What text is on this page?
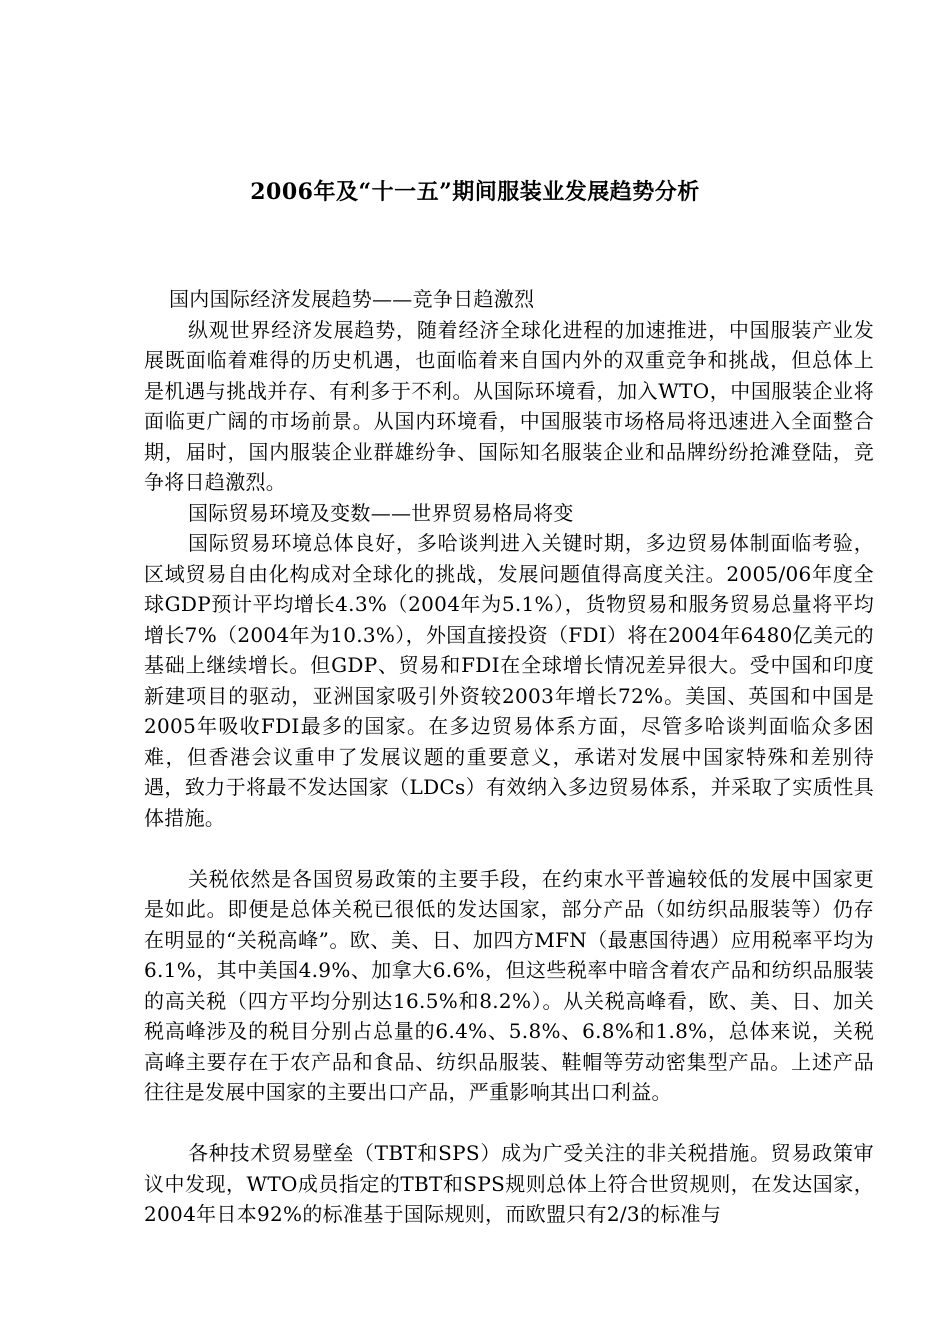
2006年及“十一五”期间服装业发展趋势分析

国内国际经济发展趋势——竞争日趋激烈

纵观世界经济发展趋势，随着经济全球化进程的加速推进，中国服装产业发展既面临着难得的历史机遇，也面临着来自国内外的双重竞争和挑战，但总体上是机遇与挑战并存、有利多于不利。从国际环境看，加入WTO，中国服装企业将面临更广阔的市场前景。从国内环境看，中国服装市场格局将迅速进入全面整合期，届时，国内服装企业群雄纷争、国际知名服装企业和品牌纷纷抢滩登陆，竞争将日趋激烈。

国际贸易环境及变数——世界贸易格局将变

国际贸易环境总体良好，多哈谈判进入关键时期，多边贸易体制面临考验，区域贸易自由化构成对全球化的挑战，发展问题值得高度关注。2005/06年度全球GDP预计平均增长4.3%（2004年为5.1%），货物贸易和服务贸易总量将平均增长7%（2004年为10.3%），外国直接投资（FDI）将在2004年6480亿美元的基础上继续增长。但GDP、贸易和FDI在全球增长情况差异很大。受中国和印度新建项目的驱动，亚洲国家吸引外资较2003年增长72%。美国、英国和中国是2005年吸收FDI最多的国家。在多边贸易体系方面，尽管多哈谈判面临众多困难，但香港会议重申了发展议题的重要意义，承诺对发展中国家特殊和差别待遇，致力于将最不发达国家（LDCs）有效纳入多边贸易体系，并采取了实质性具体措施。

关税依然是各国贸易政策的主要手段，在约束水平普遍较低的发展中国家更是如此。即便是总体关税已很低的发达国家，部分产品（如纺织品服装等）仍存在明显的“关税高峰”。欧、美、日、加四方MFN（最惠国待遇）应用税率平均为6.1%，其中美国4.9%、加拿大6.6%，但这些税率中暗含着农产品和纺织品服装的高关税（四方平均分别达16.5%和8.2%）。从关税高峰看，欧、美、日、加关税高峰涉及的税目分别占总量的6.4%、5.8%、6.8%和1.8%，总体来说，关税高峰主要存在于农产品和食品、纺织品服装、鞋帽等劳动密集型产品。上述产品往往是发展中国家的主要出口产品，严重影响其出口利益。

各种技术贸易壁垒（TBT和SPS）成为广受关注的非关税措施。贸易政策审议中发现，WTO成员指定的TBT和SPS规则总体上符合世贸规则，在发达国家，2004年日本92%的标准基于国际规则，而欧盟只有2/3的标准与
